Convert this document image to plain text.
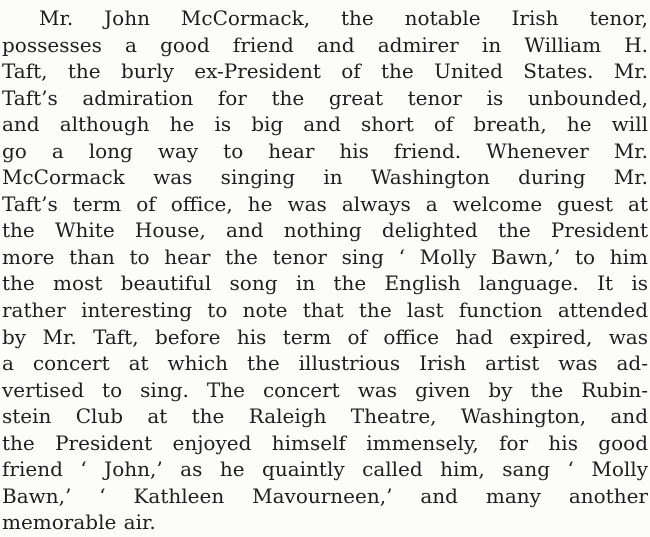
Mr. John McCormack, the notable Irish tenor,
possesses a good friend and admirer in William H.
Taft, the burly ex-President of the United States. Mr.
Taft’s admiration for the great tenor is unbounded,
and although he is big and short of breath, he will
go a long way to hear his friend. Whenever Mr.
McCormack was singing in Washington during Mr.
Taft’s term of office, he was always a welcome guest at
the White House, and nothing delighted the President
more than to hear the tenor sing ‘ Molly Bawn,’ to him
the most beautiful song in the English language. It is
rather interesting to note that the last function attended
by Mr. Taft, before his term of office had expired, was
a concert at which the illustrious Irish artist was ad-
vertised to sing. The concert was given by the Rubin-
stein Club at the Raleigh Theatre, Washington, and
the President enjoyed himself immensely, for his good
friend ‘ John,’ as he quaintly called him, sang ‘ Molly
Bawn,’ ‘ Kathleen Mavourneen,’ and many another
memorable air.
